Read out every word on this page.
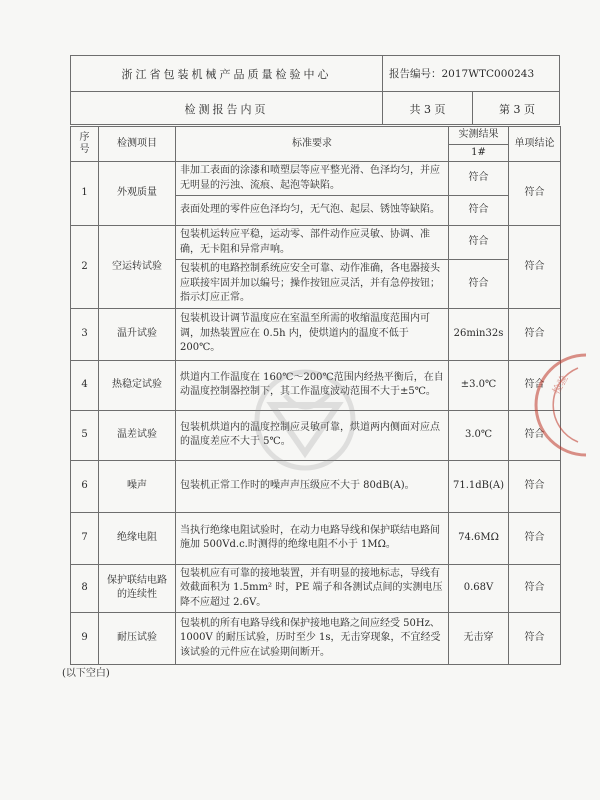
浙江省包装机械产品质量检验中心	报告编号：2017WTC000243
检测报告内页	共 3 页	第 3 页
序号	检测项目	标准要求	实测结果	单项结论
			1#	
1	外观质量	非加工表面的涂漆和喷塑层等应平整光滑、色泽均匀，并应无明显的污浊、流痕、起泡等缺陷。	符合	符合
		表面处理的零件应色泽均匀，无气泡、起层、锈蚀等缺陷。	符合	
2	空运转试验	包装机运转应平稳，运动零、部件动作应灵敏、协调、准确，无卡阻和异常声响。	符合	符合
		包装机的电路控制系统应安全可靠、动作准确，各电器接头应联接牢固并加以编号；操作按钮应灵活，并有急停按钮；指示灯应正常。	符合	
3	温升试验	包装机设计调节温度应在室温至所需的收缩温度范围内可调，加热装置应在 0.5h 内，使烘道内的温度不低于 200℃。	26min32s	符合
4	热稳定试验	烘道内工作温度在 160℃～200℃范围内经热平衡后，在自动温度控制器控制下，其工作温度波动范围不大于±5℃。	±3.0℃	符合
5	温差试验	包装机烘道内的温度控制应灵敏可靠，烘道两内侧面对应点的温度差应不大于 5℃。	3.0℃	符合
6	噪声	包装机正常工作时的噪声声压级应不大于 80dB(A)。	71.1dB(A)	符合
7	绝缘电阻	当执行绝缘电阻试验时，在动力电路导线和保护联结电路间施加 500Vd.c.时测得的绝缘电阻不小于 1MΩ。	74.6MΩ	符合
8	保护联结电路的连续性	包装机应有可靠的接地装置，并有明显的接地标志，导线有效截面积为 1.5mm² 时，PE 端子和各测试点间的实测电压降不应超过 2.6V。	0.68V	符合
9	耐压试验	包装机的所有电路导线和保护接地电路之间应经受 50Hz、1000V 的耐压试验，历时至少 1s，无击穿现象，不宜经受该试验的元件应在试验期间断开。	无击穿	符合
(以下空白)
检验
